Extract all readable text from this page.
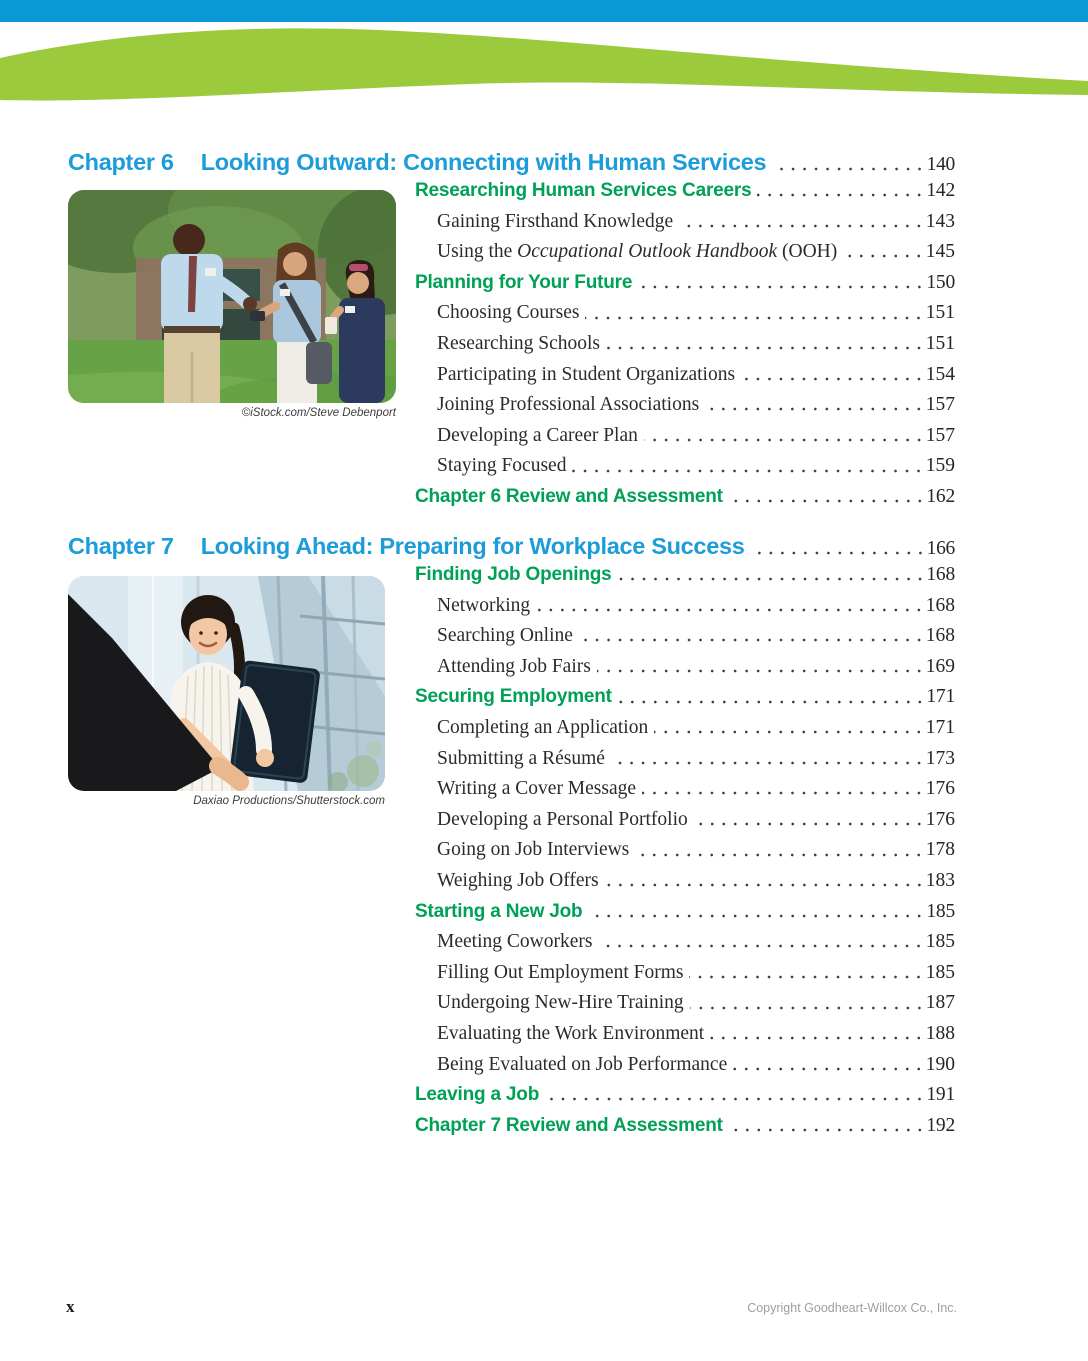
Chapter 6 Looking Outward: Connecting with Human Services	140
©iStock.com/Steve Debenport
Researching Human Services Careers	142
Gaining Firsthand Knowledge	143
Using the Occupational Outlook Handbook (OOH)	145
Planning for Your Future	150
Choosing Courses	151
Researching Schools	151
Participating in Student Organizations	154
Joining Professional Associations	157
Developing a Career Plan	157
Staying Focused	159
Chapter 6 Review and Assessment	162
Chapter 7 Looking Ahead: Preparing for Workplace Success	166
Daxiao Productions/Shutterstock.com
Finding Job Openings	168
Networking	168
Searching Online	168
Attending Job Fairs	169
Securing Employment	171
Completing an Application	171
Submitting a Résumé	173
Writing a Cover Message	176
Developing a Personal Portfolio	176
Going on Job Interviews	178
Weighing Job Offers	183
Starting a New Job	185
Meeting Coworkers	185
Filling Out Employment Forms	185
Undergoing New-Hire Training	187
Evaluating the Work Environment	188
Being Evaluated on Job Performance	190
Leaving a Job	191
Chapter 7 Review and Assessment	192
x	Copyright Goodheart-Willcox Co., Inc.
